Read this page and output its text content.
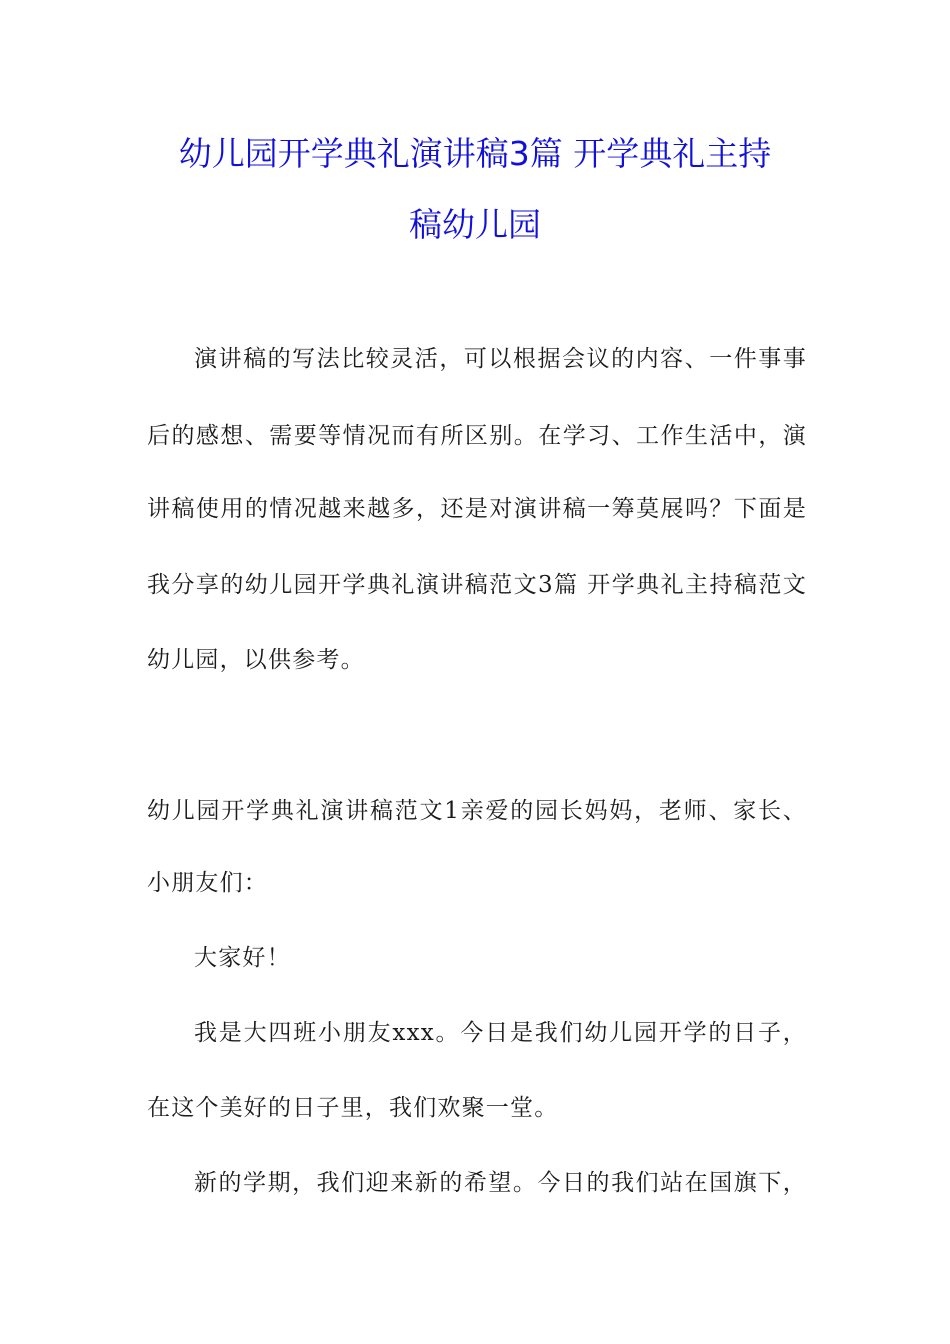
幼儿园开学典礼演讲稿3篇 开学典礼主持
稿幼儿园
演讲稿的写法比较灵活，可以根据会议的内容、一件事事
后的感想、需要等情况而有所区别。在学习、工作生活中，演
讲稿使用的情况越来越多，还是对演讲稿一筹莫展吗？下面是
我分享的幼儿园开学典礼演讲稿范文3篇 开学典礼主持稿范文
幼儿园，以供参考。
幼儿园开学典礼演讲稿范文1亲爱的园长妈妈，老师、家长、
小朋友们：
大家好！
我是大四班小朋友xxx。今日是我们幼儿园开学的日子，
在这个美好的日子里，我们欢聚一堂。
新的学期，我们迎来新的希望。今日的我们站在国旗下，
